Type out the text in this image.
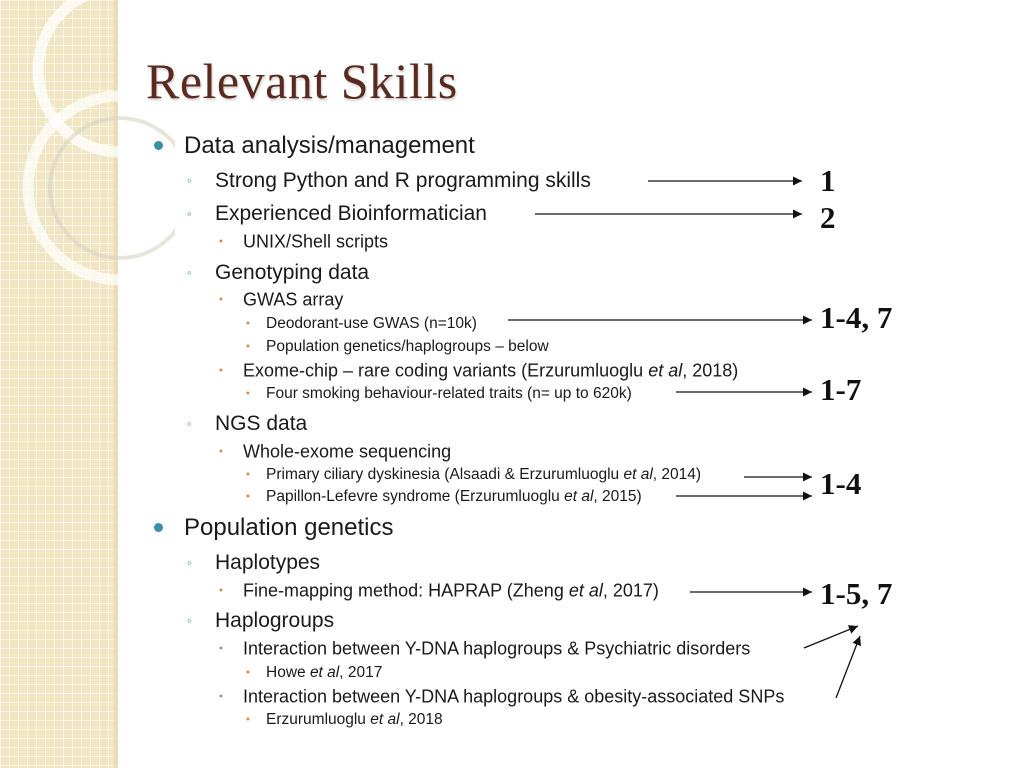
Relevant Skills
Data analysis/management
◦ Strong Python and R programming skills
◦ Experienced Bioinformatician
• UNIX/Shell scripts
◦ Genotyping data
• GWAS array
• Deodorant-use GWAS (n=10k)
• Population genetics/haplogroups – below
• Exome-chip – rare coding variants (Erzurumluoglu et al, 2018)
• Four smoking behaviour-related traits (n= up to 620k)
◦ NGS data
• Whole-exome sequencing
• Primary ciliary dyskinesia (Alsaadi & Erzurumluoglu et al, 2014)
• Papillon-Lefevre syndrome (Erzurumluoglu et al, 2015)
Population genetics
◦ Haplotypes
• Fine-mapping method: HAPRAP (Zheng et al, 2017)
◦ Haplogroups
• Interaction between Y-DNA haplogroups & Psychiatric disorders
• Howe et al, 2017
• Interaction between Y-DNA haplogroups & obesity-associated SNPs
• Erzurumluoglu et al, 2018
1
2
1-4, 7
1-7
1-4
1-5, 7
